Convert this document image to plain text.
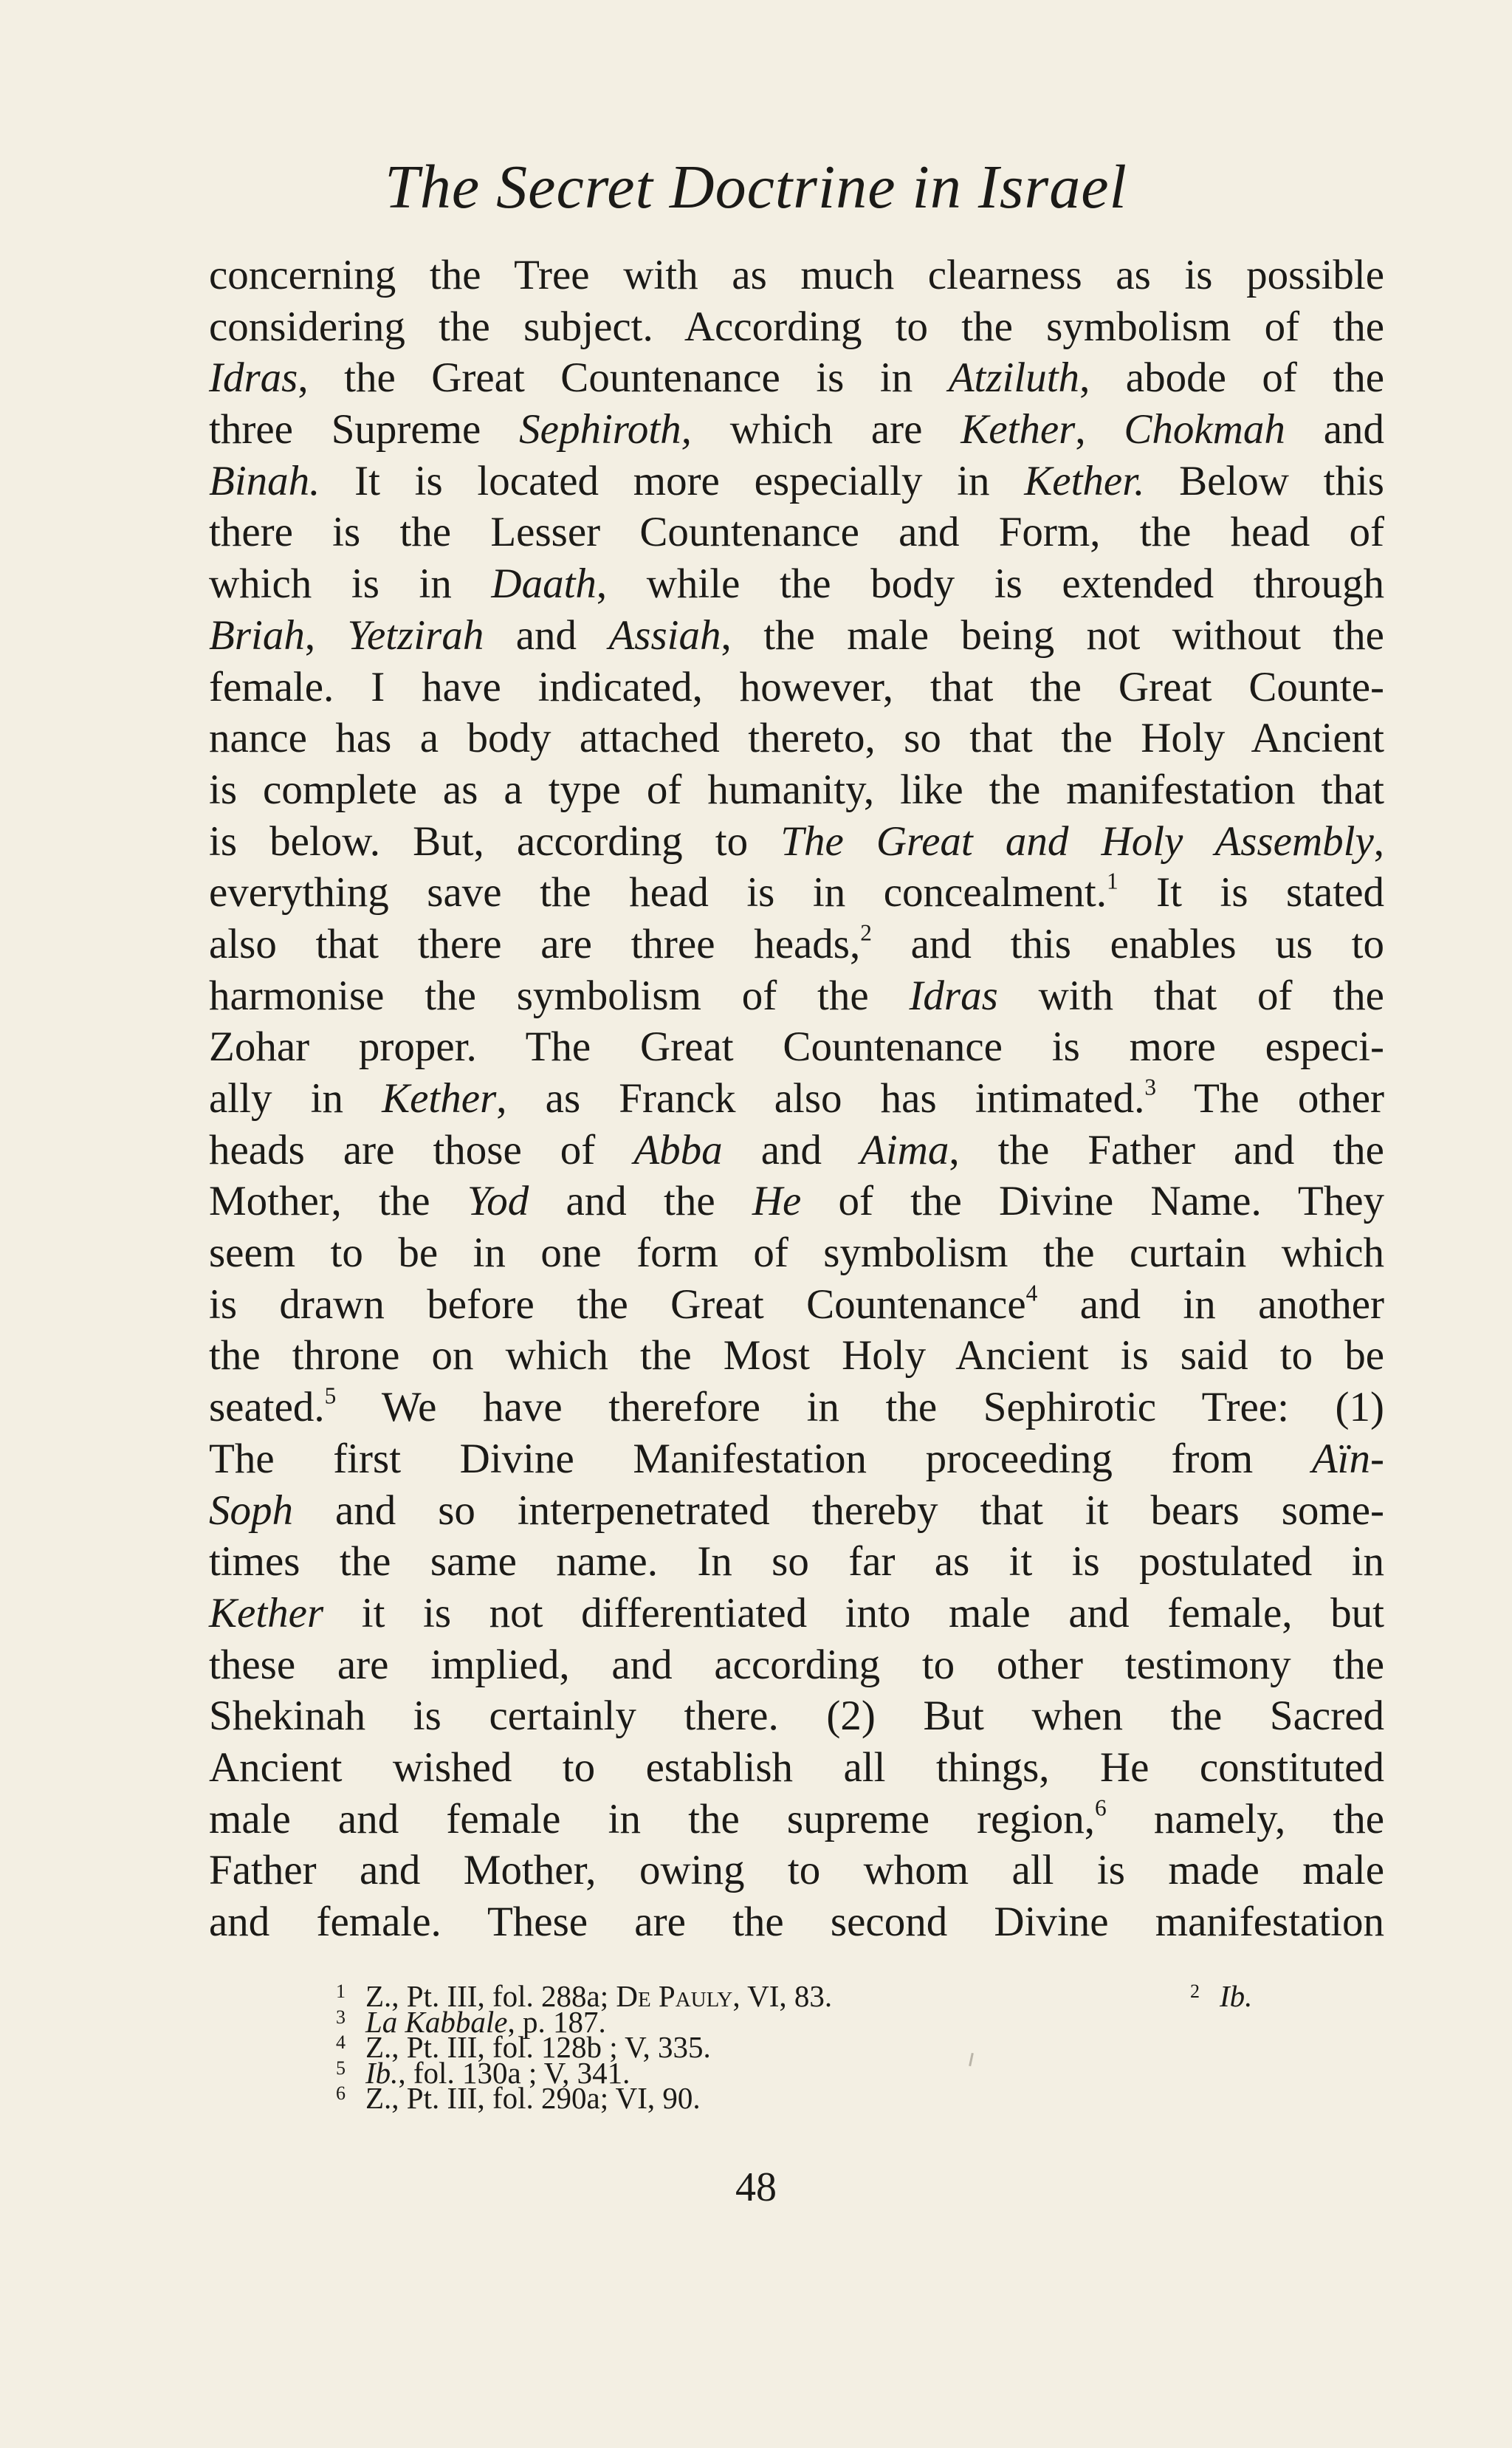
The Secret Doctrine in Israel
concerning the Tree with as much clearness as is possible
considering the subject. According to the symbolism of the
Idras, the Great Countenance is in Atziluth, abode of the
three Supreme Sephiroth, which are Kether, Chokmah and
Binah. It is located more especially in Kether. Below this
there is the Lesser Countenance and Form, the head of
which is in Daath, while the body is extended through
Briah, Yetzirah and Assiah, the male being not without the
female. I have indicated, however, that the Great Counte-
nance has a body attached thereto, so that the Holy Ancient
is complete as a type of humanity, like the manifestation that
is below. But, according to The Great and Holy Assembly,
everything save the head is in concealment.$^1$ It is stated
also that there are three heads,$^2$ and this enables us to
harmonise the symbolism of the Idras with that of the
Zohar proper. The Great Countenance is more especi-
ally in Kether, as Franck also has intimated.$^3$ The other
heads are those of Abba and Aima, the Father and the
Mother, the Yod and the He of the Divine Name. They
seem to be in one form of symbolism the curtain which
is drawn before the Great Countenance$^4$ and in another
the throne on which the Most Holy Ancient is said to be
seated.$^5$ We have therefore in the Sephirotic Tree: (1)
The first Divine Manifestation proceeding from Aïn-
Soph and so interpenetrated thereby that it bears some-
times the same name. In so far as it is postulated in
Kether it is not differentiated into male and female, but
these are implied, and according to other testimony the
Shekinah is certainly there. (2) But when the Sacred
Ancient wished to establish all things, He constituted
male and female in the supreme region,$^6$ namely, the
Father and Mother, owing to whom all is made male
and female. These are the second Divine manifestation
1 Z., Pt. III, fol. 288a; De Pauly, VI, 83.	2 Ib.
3 La Kabbale, p. 187.
4 Z., Pt. III, fol. 128b ; V, 335.
5 Ib., fol. 130a ; V, 341.
6 Z., Pt. III, fol. 290a; VI, 90.
48
